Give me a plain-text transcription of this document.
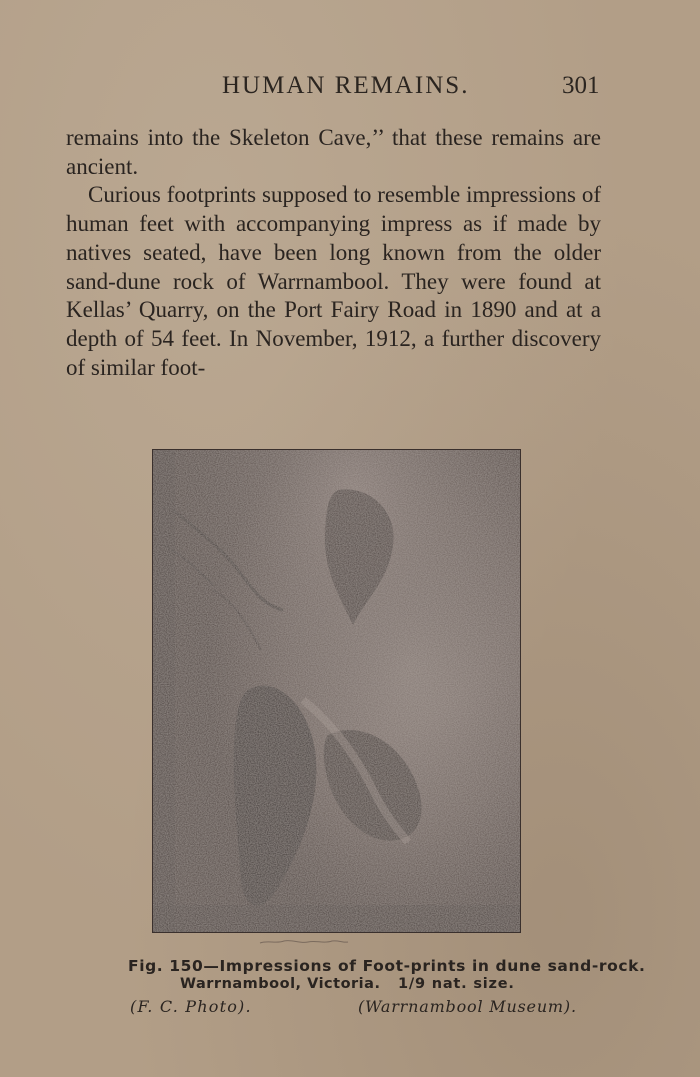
HUMAN REMAINS.	301

remains into the Skeleton Cave,’’ that these remains are ancient.

Curious footprints supposed to resemble impressions of human feet with accompanying impress as if made by natives seated, have been long known from the older sand-dune rock of Warrnambool. They were found at Kellas’ Quarry, on the Port Fairy Road in 1890 and at a depth of 54 feet. In November, 1912, a further discovery of similar foot-

Fig. 150—Impressions of Foot-prints in dune sand-rock.
Warrnambool, Victoria. 1/9 nat. size.
(F. C. Photo).	(Warrnambool Museum).
